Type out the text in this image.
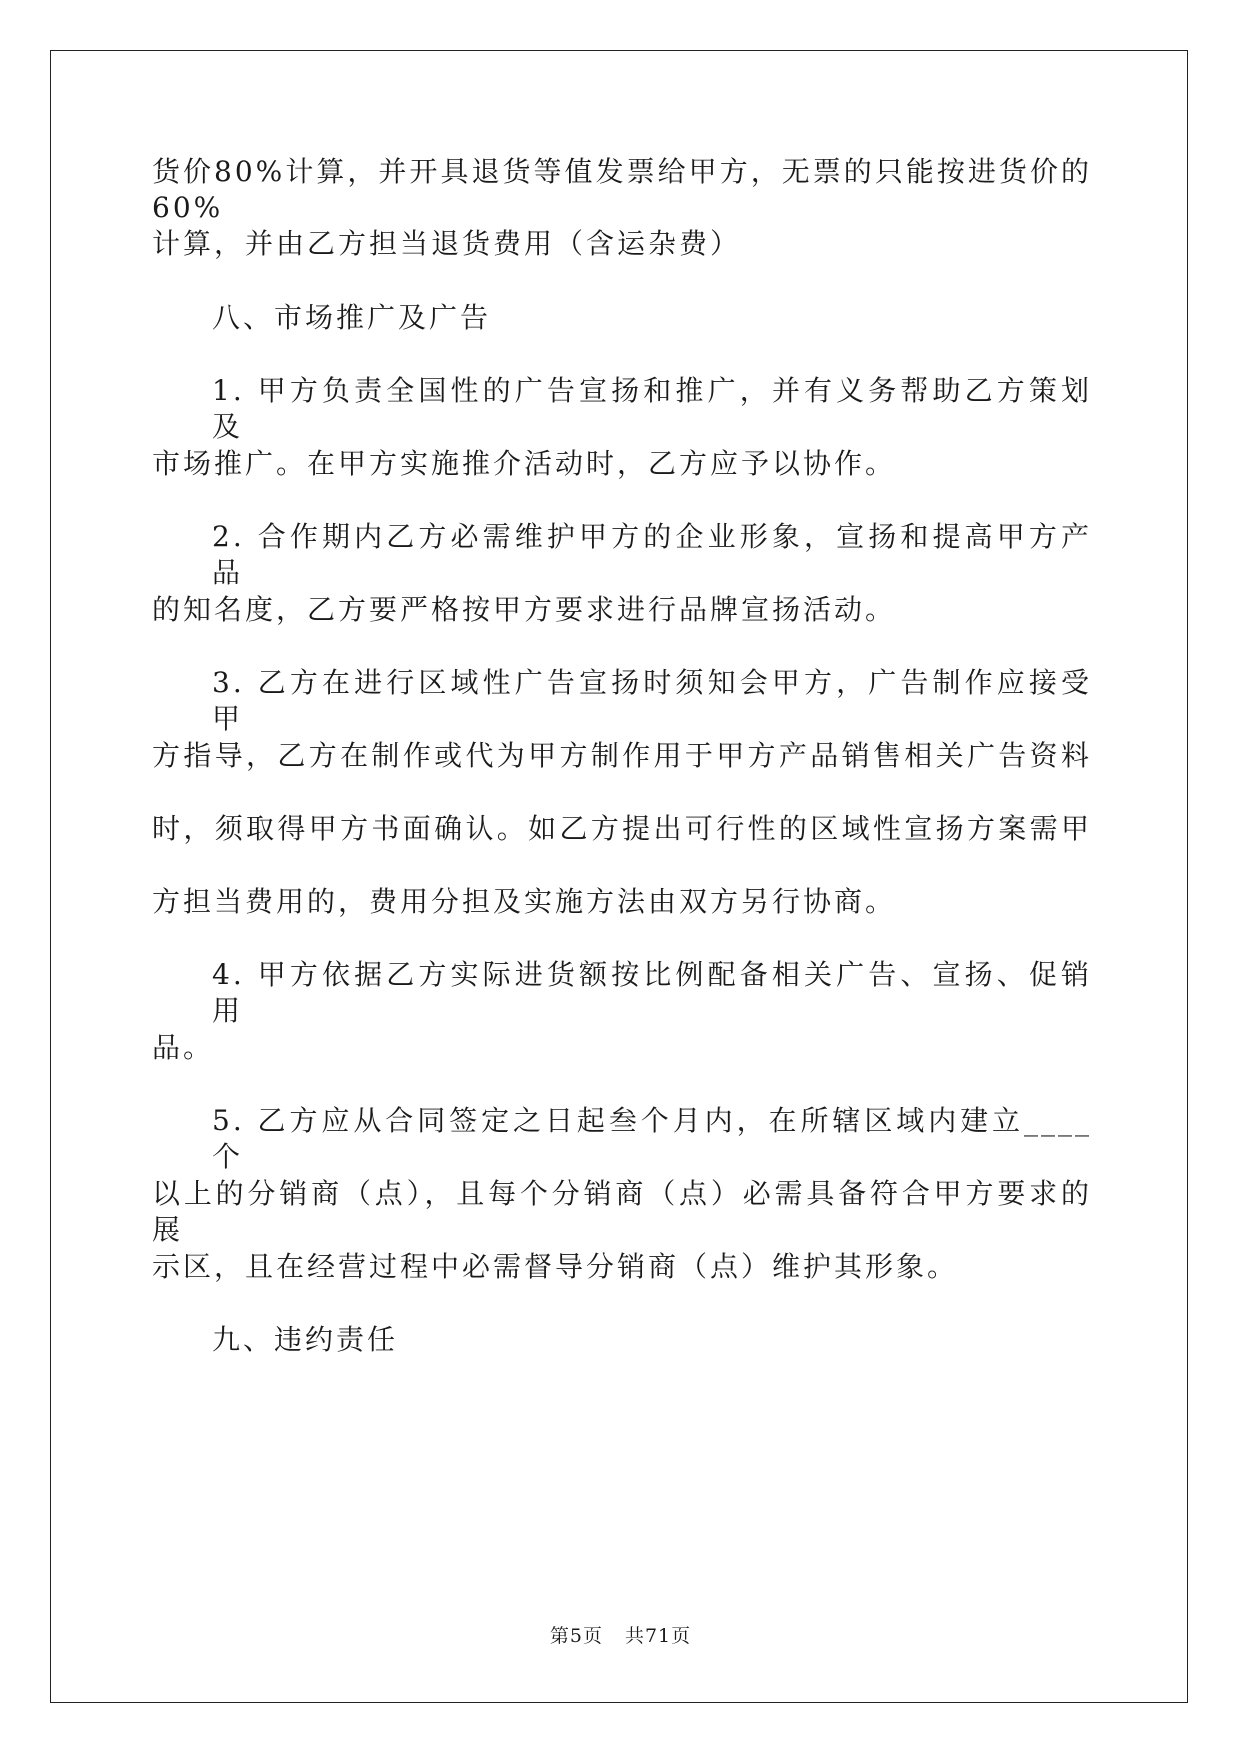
货价80%计算，并开具退货等值发票给甲方，无票的只能按进货价的60%
计算，并由乙方担当退货费用（含运杂费）
八、市场推广及广告
1. 甲方负责全国性的广告宣扬和推广，并有义务帮助乙方策划及
市场推广。在甲方实施推介活动时，乙方应予以协作。
2. 合作期内乙方必需维护甲方的企业形象，宣扬和提高甲方产品
的知名度，乙方要严格按甲方要求进行品牌宣扬活动。
3. 乙方在进行区域性广告宣扬时须知会甲方，广告制作应接受甲
方指导，乙方在制作或代为甲方制作用于甲方产品销售相关广告资料
时，须取得甲方书面确认。如乙方提出可行性的区域性宣扬方案需甲
方担当费用的，费用分担及实施方法由双方另行协商。
4. 甲方依据乙方实际进货额按比例配备相关广告、宣扬、促销用
品。
5. 乙方应从合同签定之日起叁个月内，在所辖区域内建立____个
以上的分销商（点），且每个分销商（点）必需具备符合甲方要求的展
示区，且在经营过程中必需督导分销商（点）维护其形象。
九、违约责任
第5页 共71页
